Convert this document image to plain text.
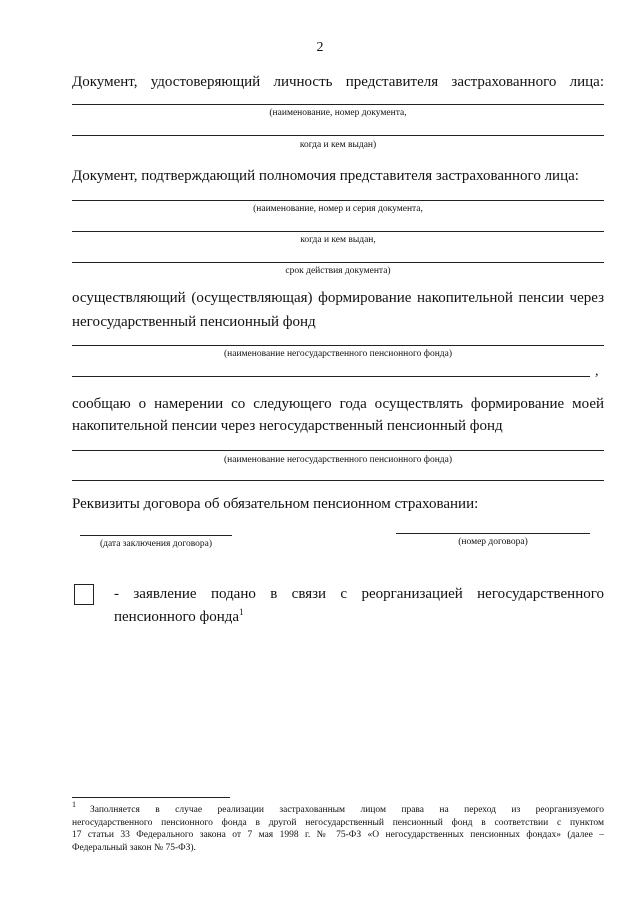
2
Документ, удостоверяющий личность представителя застрахованного лица:
(наименование, номер документа,
когда и кем выдан)
Документ, подтверждающий полномочия представителя застрахованного лица:
(наименование, номер и серия документа,
когда и кем выдан,
срок действия документа)
осуществляющий (осуществляющая) формирование накопительной пенсии через
негосударственный пенсионный фонд
(наименование негосударственного пенсионного фонда)
,
сообщаю о намерении со следующего года осуществлять формирование моей
накопительной пенсии через негосударственный пенсионный фонд
(наименование негосударственного пенсионного фонда)
Реквизиты договора об обязательном пенсионном страховании:
(дата заключения договора)	(номер договора)
- заявление подано в связи с реорганизацией негосударственного
пенсионного фонда$^1$
1
Заполняется в случае реализации застрахованным лицом права на переход из реорганизуемого
негосударственного пенсионного фонда в другой негосударственный пенсионный фонд в соответствии с пунктом
17 статьи 33 Федерального закона от 7 мая 1998 г. № 75-ФЗ «О негосударственных пенсионных фондах» (далее –
Федеральный закон № 75-ФЗ).
